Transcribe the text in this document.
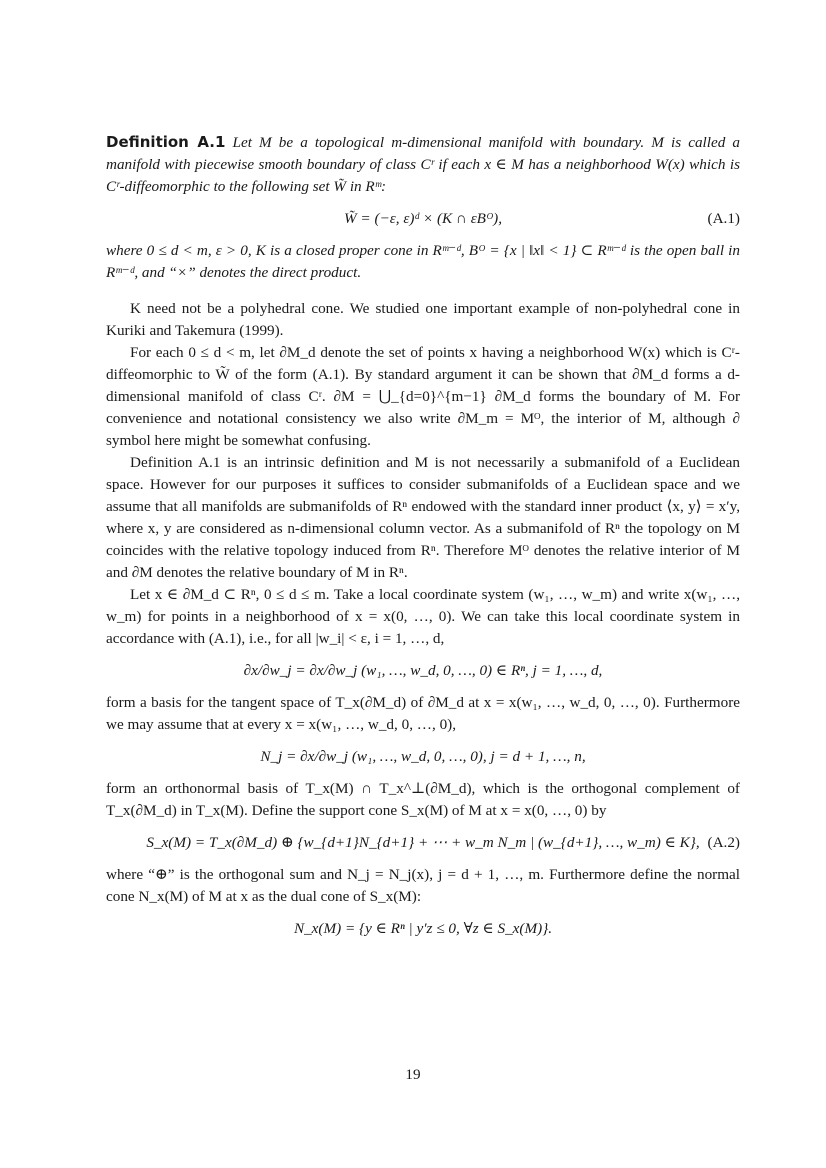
Definition A.1 Let M be a topological m-dimensional manifold with boundary. M is called a manifold with piecewise smooth boundary of class Cʳ if each x ∈ M has a neighborhood W(x) which is Cʳ-diffeomorphic to the following set W̃ in Rᵐ:

W̃ = (−ε, ε)ᵈ × (K ∩ εBᴼ),	(A.1)

where 0 ≤ d < m, ε > 0, K is a closed proper cone in Rᵐ⁻ᵈ, Bᴼ = {x | ‖x‖ < 1} ⊂ Rᵐ⁻ᵈ is the open ball in Rᵐ⁻ᵈ, and “×” denotes the direct product.

K need not be a polyhedral cone. We studied one important example of non-polyhedral cone in Kuriki and Takemura (1999).

For each 0 ≤ d < m, let ∂M_d denote the set of points x having a neighborhood W(x) which is Cʳ-diffeomorphic to W̃ of the form (A.1). By standard argument it can be shown that ∂M_d forms a d-dimensional manifold of class Cʳ. ∂M = ⋃_{d=0}^{m−1} ∂M_d forms the boundary of M. For convenience and notational consistency we also write ∂M_m = Mᴼ, the interior of M, although ∂ symbol here might be somewhat confusing.

Definition A.1 is an intrinsic definition and M is not necessarily a submanifold of a Euclidean space. However for our purposes it suffices to consider submanifolds of a Euclidean space and we assume that all manifolds are submanifolds of Rⁿ endowed with the standard inner product ⟨x, y⟩ = x′y, where x, y are considered as n-dimensional column vector. As a submanifold of Rⁿ the topology on M coincides with the relative topology induced from Rⁿ. Therefore Mᴼ denotes the relative interior of M and ∂M denotes the relative boundary of M in Rⁿ.

Let x ∈ ∂M_d ⊂ Rⁿ, 0 ≤ d ≤ m. Take a local coordinate system (w₁, …, w_m) and write x(w₁, …, w_m) for points in a neighborhood of x = x(0, …, 0). We can take this local coordinate system in accordance with (A.1), i.e., for all |w_i| < ε, i = 1, …, d,

∂x/∂w_j = ∂x/∂w_j (w₁, …, w_d, 0, …, 0) ∈ Rⁿ, j = 1, …, d,

form a basis for the tangent space of T_x(∂M_d) of ∂M_d at x = x(w₁, …, w_d, 0, …, 0). Furthermore we may assume that at every x = x(w₁, …, w_d, 0, …, 0),

N_j = ∂x/∂w_j (w₁, …, w_d, 0, …, 0), j = d + 1, …, n,

form an orthonormal basis of T_x(M) ∩ T_x^⊥(∂M_d), which is the orthogonal complement of T_x(∂M_d) in T_x(M). Define the support cone S_x(M) of M at x = x(0, …, 0) by

S_x(M) = T_x(∂M_d) ⊕ {w_{d+1}N_{d+1} + ⋯ + w_m N_m | (w_{d+1}, …, w_m) ∈ K}, (A.2)

where “⊕” is the orthogonal sum and N_j = N_j(x), j = d + 1, …, m. Furthermore define the normal cone N_x(M) of M at x as the dual cone of S_x(M):

N_x(M) = {y ∈ Rⁿ | y′z ≤ 0, ∀z ∈ S_x(M)}.
19
